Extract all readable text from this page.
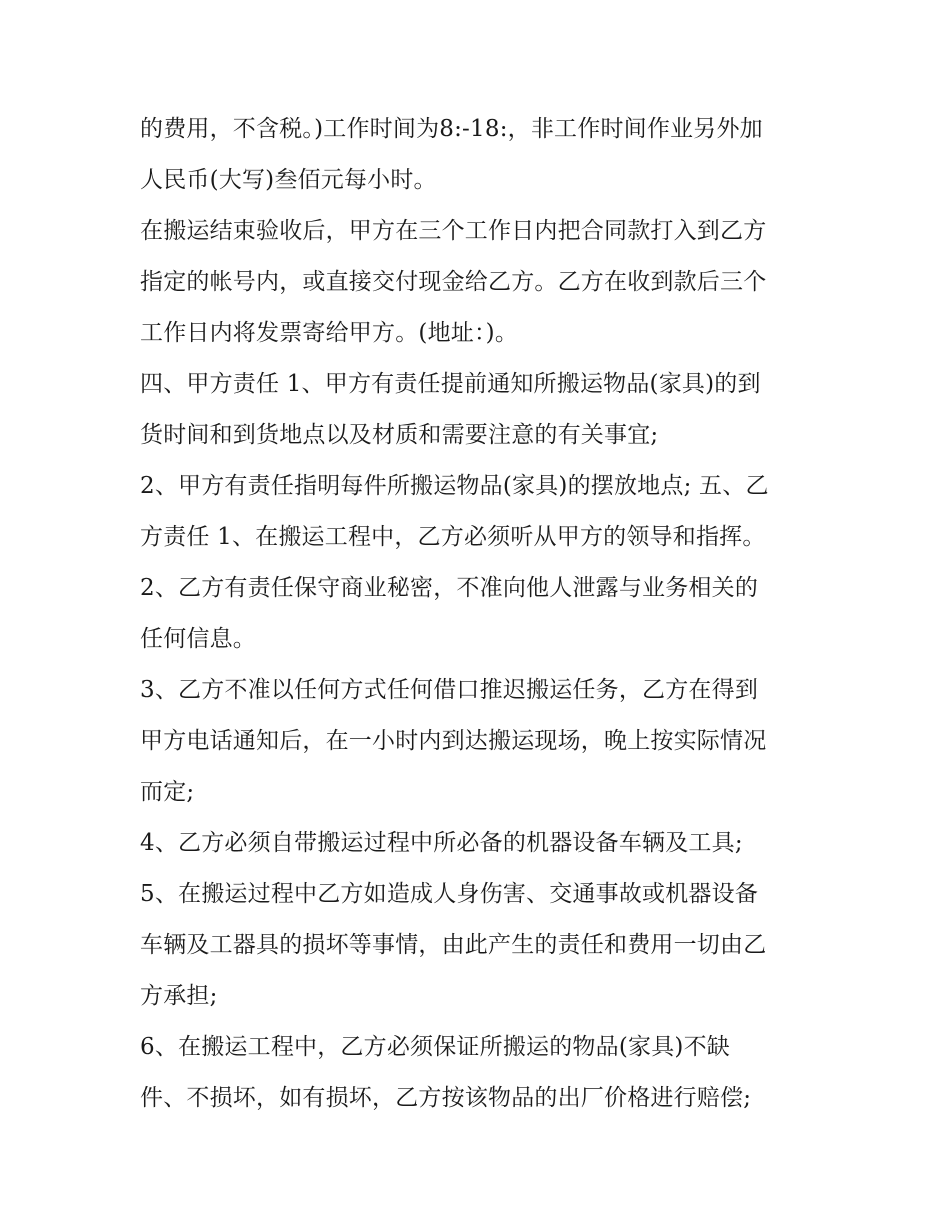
的费用，不含税。)工作时间为8:-18:，非工作时间作业另外加
人民币(大写)叁佰元每小时。
在搬运结束验收后，甲方在三个工作日内把合同款打入到乙方
指定的帐号内，或直接交付现金给乙方。乙方在收到款后三个
工作日内将发票寄给甲方。(地址：)。
四、甲方责任 1、甲方有责任提前通知所搬运物品(家具)的到
货时间和到货地点以及材质和需要注意的有关事宜;
2、甲方有责任指明每件所搬运物品(家具)的摆放地点; 五、乙
方责任 1、在搬运工程中，乙方必须听从甲方的领导和指挥。
2、乙方有责任保守商业秘密，不准向他人泄露与业务相关的
任何信息。
3、乙方不准以任何方式任何借口推迟搬运任务，乙方在得到
甲方电话通知后，在一小时内到达搬运现场，晚上按实际情况
而定;
4、乙方必须自带搬运过程中所必备的机器设备车辆及工具;
5、在搬运过程中乙方如造成人身伤害、交通事故或机器设备
车辆及工器具的损坏等事情，由此产生的责任和费用一切由乙
方承担;
6、在搬运工程中，乙方必须保证所搬运的物品(家具)不缺
件、不损坏，如有损坏，乙方按该物品的出厂价格进行赔偿;
